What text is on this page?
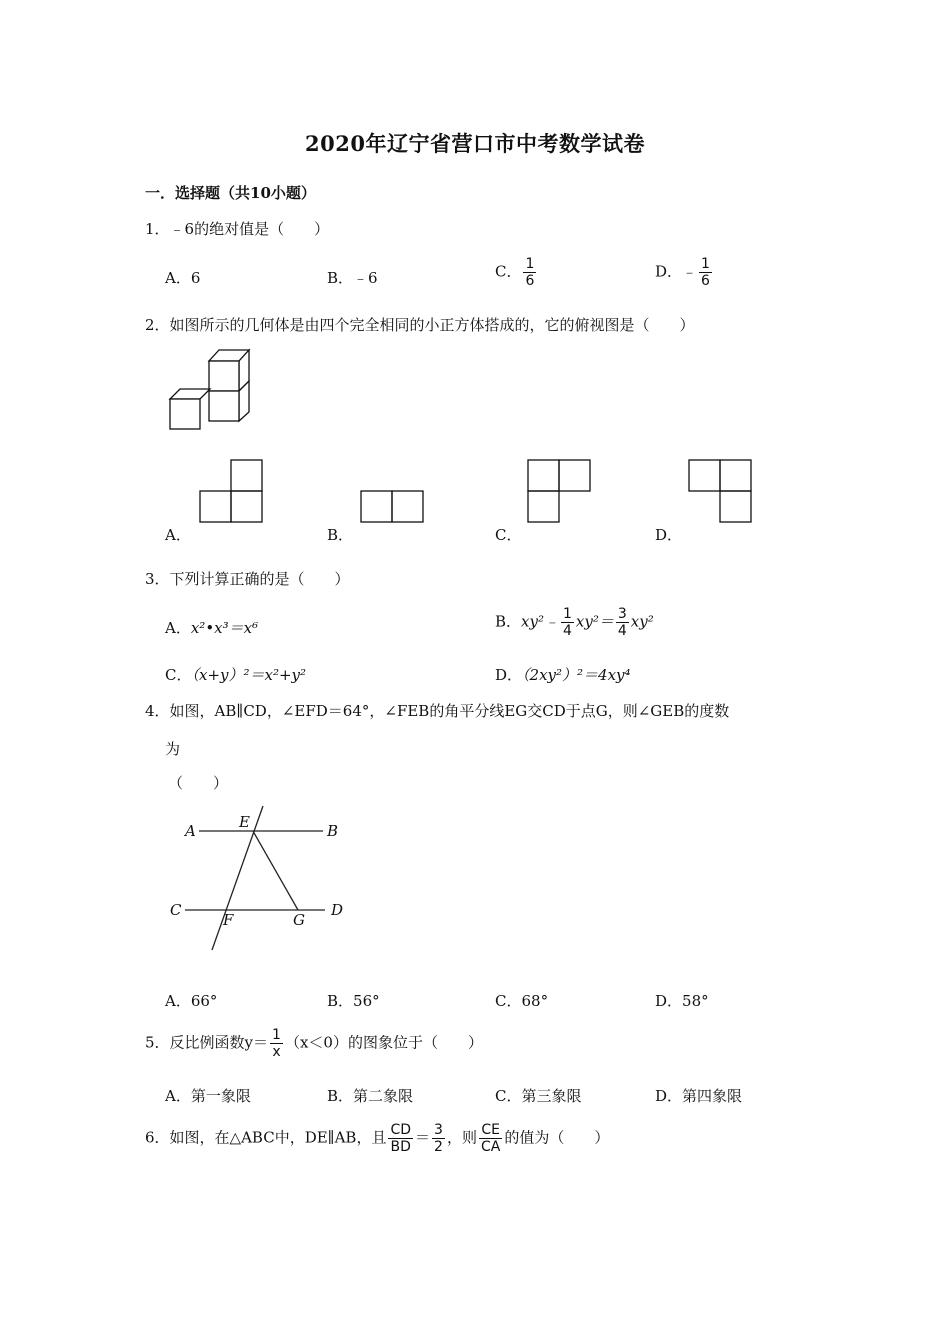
2020年辽宁省营口市中考数学试卷
一．选择题（共10小题）
1．﹣6的绝对值是（　　）
A．6	B．﹣6	C． $\frac{1}{6}$	D．﹣ $\frac{1}{6}$
2．如图所示的几何体是由四个完全相同的小正方体搭成的，它的俯视图是（　　）
A．	B．	C．	D．
3．下列计算正确的是（　　）
A．x²•x³＝x⁶	B．xy²﹣ $\frac{1}{4} xy^2= \frac{3}{4} xy^2$
C．（x+y）²＝x²+y²	D．（2xy²）²＝4xy⁴
4．如图，AB∥CD，∠EFD＝64°，∠FEB的角平分线EG交CD于点G，则∠GEB的度数
为
（　　）
A	E	B
C
F	G
D
A．66°	B．56°	C．68°	D．58°
5．反比例函数$y= \frac{1}{x} (x<0)$的图象位于（　　）
A．第一象限	B．第二象限	C．第三象限	D．第四象限
6．如图，在△ABC中，DE∥AB，且 $\frac{CD}{BD} = \frac{3}{2}$ ，则 $\frac{CE}{CA}$ 的值为（　　）
